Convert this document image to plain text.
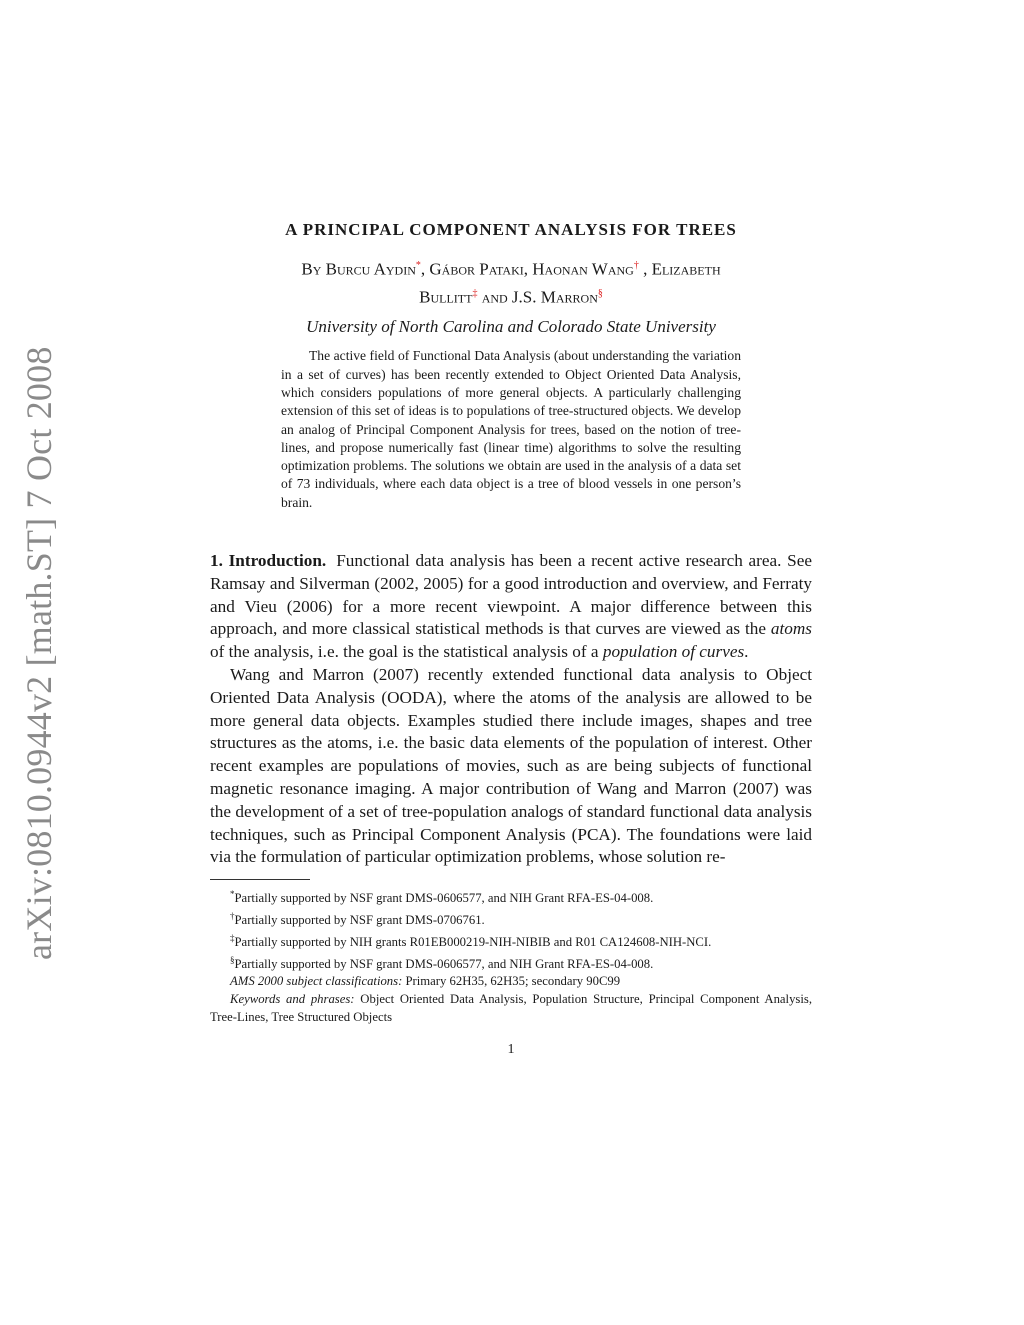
arXiv:0810.0944v2 [math.ST] 7 Oct 2008
A PRINCIPAL COMPONENT ANALYSIS FOR TREES
By Burcu Aydin*, Gábor Pataki, Haonan Wang† , Elizabeth
Bullitt‡ and J.S. Marron§
University of North Carolina and Colorado State University
The active field of Functional Data Analysis (about understanding the variation in a set of curves) has been recently extended to Object Oriented Data Analysis, which considers populations of more general objects. A particularly challenging extension of this set of ideas is to populations of tree-structured objects. We develop an analog of Principal Component Analysis for trees, based on the notion of tree-lines, and propose numerically fast (linear time) algorithms to solve the resulting optimization problems. The solutions we obtain are used in the analysis of a data set of 73 individuals, where each data object is a tree of blood vessels in one person’s brain.

1. Introduction. Functional data analysis has been a recent active research area. See Ramsay and Silverman (2002, 2005) for a good introduction and overview, and Ferraty and Vieu (2006) for a more recent viewpoint. A major difference between this approach, and more classical statistical methods is that curves are viewed as the atoms of the analysis, i.e. the goal is the statistical analysis of a population of curves.

Wang and Marron (2007) recently extended functional data analysis to Object Oriented Data Analysis (OODA), where the atoms of the analysis are allowed to be more general data objects. Examples studied there include images, shapes and tree structures as the atoms, i.e. the basic data elements of the population of interest. Other recent examples are populations of movies, such as are being subjects of functional magnetic resonance imaging. A major contribution of Wang and Marron (2007) was the development of a set of tree-population analogs of standard functional data analysis techniques, such as Principal Component Analysis (PCA). The foundations were laid via the formulation of particular optimization problems, whose solution re-

*Partially supported by NSF grant DMS-0606577, and NIH Grant RFA-ES-04-008.
†Partially supported by NSF grant DMS-0706761.
‡Partially supported by NIH grants R01EB000219-NIH-NIBIB and R01 CA124608-NIH-NCI.
§Partially supported by NSF grant DMS-0606577, and NIH Grant RFA-ES-04-008.
AMS 2000 subject classifications: Primary 62H35, 62H35; secondary 90C99
Keywords and phrases: Object Oriented Data Analysis, Population Structure, Principal Component Analysis, Tree-Lines, Tree Structured Objects
1
